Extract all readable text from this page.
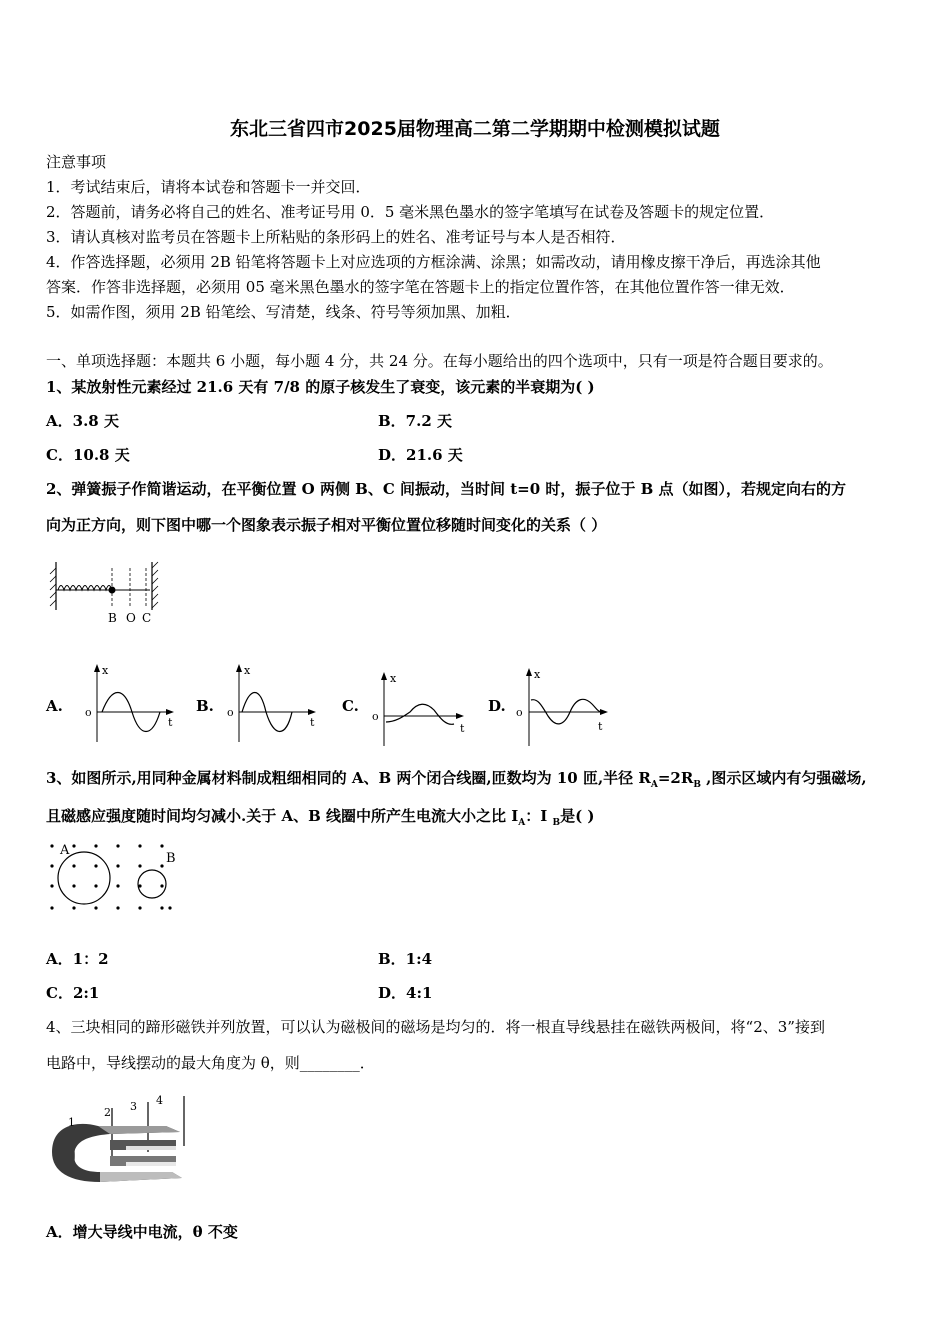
东北三省四市2025届物理高二第二学期期中检测模拟试题
注意事项
1．考试结束后，请将本试卷和答题卡一并交回．
2．答题前，请务必将自己的姓名、准考证号用 0．5 毫米黑色墨水的签字笔填写在试卷及答题卡的规定位置．
3．请认真核对监考员在答题卡上所粘贴的条形码上的姓名、准考证号与本人是否相符．
4．作答选择题，必须用 2B 铅笔将答题卡上对应选项的方框涂满、涂黑；如需改动，请用橡皮擦干净后，再选涂其他
答案．作答非选择题，必须用 05 毫米黑色墨水的签字笔在答题卡上的指定位置作答，在其他位置作答一律无效．
5．如需作图，须用 2B 铅笔绘、写清楚，线条、符号等须加黑、加粗．
一、单项选择题：本题共 6 小题，每小题 4 分，共 24 分。在每小题给出的四个选项中，只有一项是符合题目要求的。
1、某放射性元素经过 21.6 天有 7/8 的原子核发生了衰变，该元素的半衰期为( )
A．3.8 天	B．7.2 天
C．10.8 天	D．21.6 天
2、弹簧振子作简谐运动，在平衡位置 O 两侧 B、C 间振动，当时间 t=0 时，振子位于 B 点（如图），若规定向右的方
向为正方向，则下图中哪一个图象表示振子相对平衡位置位移随时间变化的关系（ ）
B O C
A.	B.	C.	D.
x
o
t
x
o
t
x
o
t
x
o
t
3、如图所示,用同种金属材料制成粗细相同的 A、B 两个闭合线圈,匝数均为 10 匝,半径 $R_A=2R_B$ ,图示区域内有匀强磁场,
且磁感应强度随时间均匀减小.关于 A、B 线圈中所产生电流大小之比 $I_A$：I $_B$是( )
A
B
A．1：2	B．1:4
C．2:1	D．4:1
4、三块相同的蹄形磁铁并列放置，可以认为磁极间的磁场是均匀的．将一根直导线悬挂在磁铁两极间，将“2、3”接到
电路中，导线摆动的最大角度为 θ，则________．
1
2 3 4
A．增大导线中电流，θ 不变
